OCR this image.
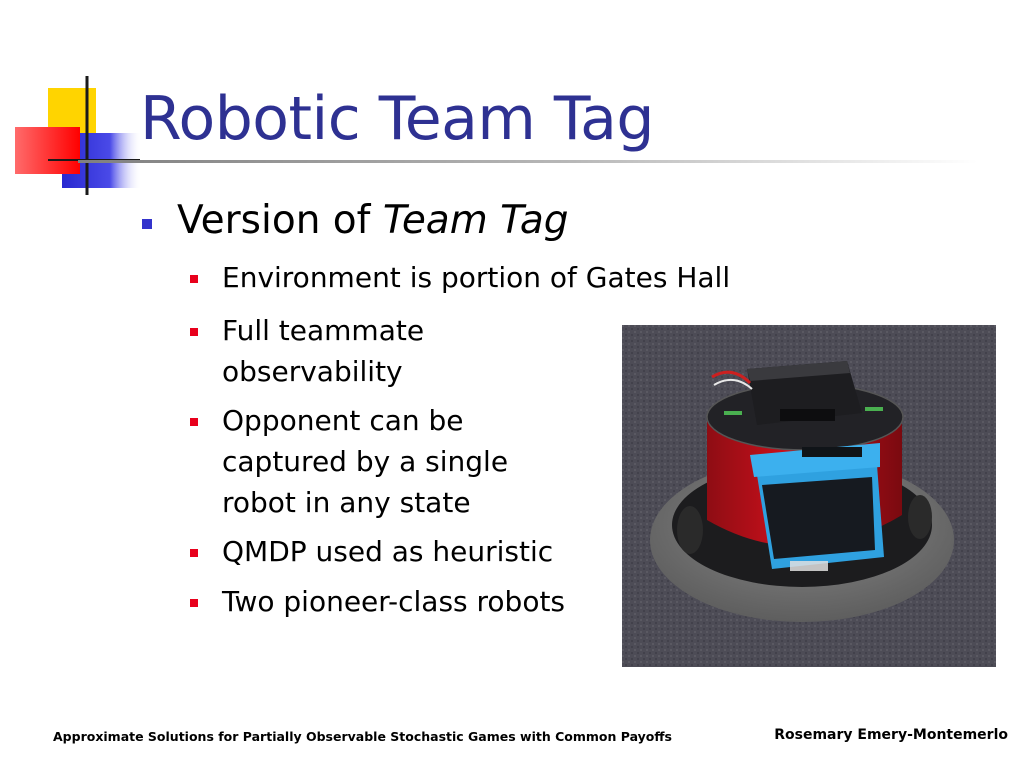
Robotic Team Tag
Version of Team Tag
Environment is portion of Gates Hall
Full teammate
observability
Opponent can be
captured by a single
robot in any state
QMDP used as heuristic
Two pioneer-class robots
Approximate Solutions for Partially Observable Stochastic Games with Common Payoffs	Rosemary Emery-Montemerlo
